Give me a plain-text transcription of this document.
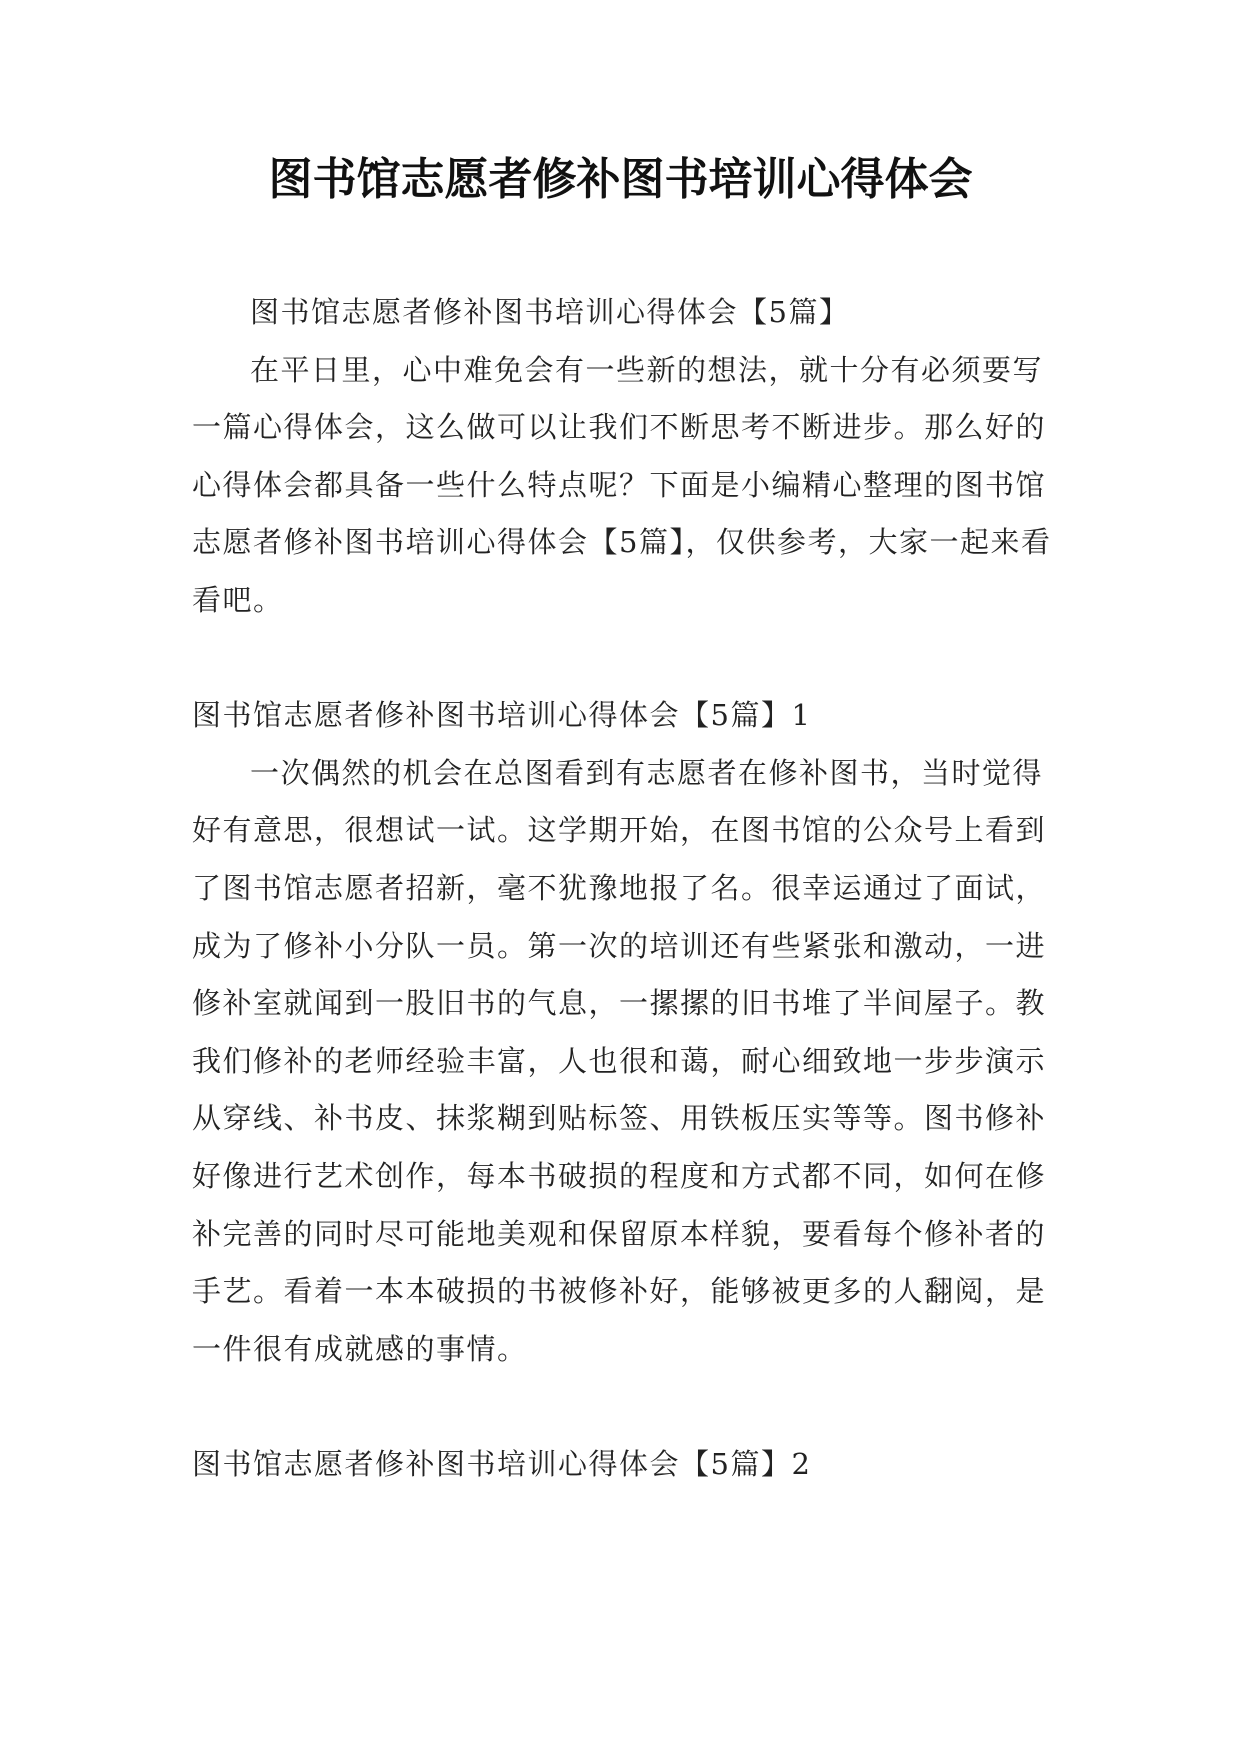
图书馆志愿者修补图书培训心得体会

图书馆志愿者修补图书培训心得体会【5篇】

在平日里，心中难免会有一些新的想法，就十分有必须要写一篇心得体会，这么做可以让我们不断思考不断进步。那么好的心得体会都具备一些什么特点呢？下面是小编精心整理的图书馆志愿者修补图书培训心得体会【5篇】，仅供参考，大家一起来看看吧。

图书馆志愿者修补图书培训心得体会【5篇】1

一次偶然的机会在总图看到有志愿者在修补图书，当时觉得好有意思，很想试一试。这学期开始，在图书馆的公众号上看到了图书馆志愿者招新，毫不犹豫地报了名。很幸运通过了面试，成为了修补小分队一员。第一次的培训还有些紧张和激动，一进修补室就闻到一股旧书的气息，一摞摞的旧书堆了半间屋子。教我们修补的老师经验丰富，人也很和蔼，耐心细致地一步步演示从穿线、补书皮、抹浆糊到贴标签、用铁板压实等等。图书修补好像进行艺术创作，每本书破损的程度和方式都不同，如何在修补完善的同时尽可能地美观和保留原本样貌，要看每个修补者的手艺。看着一本本破损的书被修补好，能够被更多的人翻阅，是一件很有成就感的事情。

图书馆志愿者修补图书培训心得体会【5篇】2
